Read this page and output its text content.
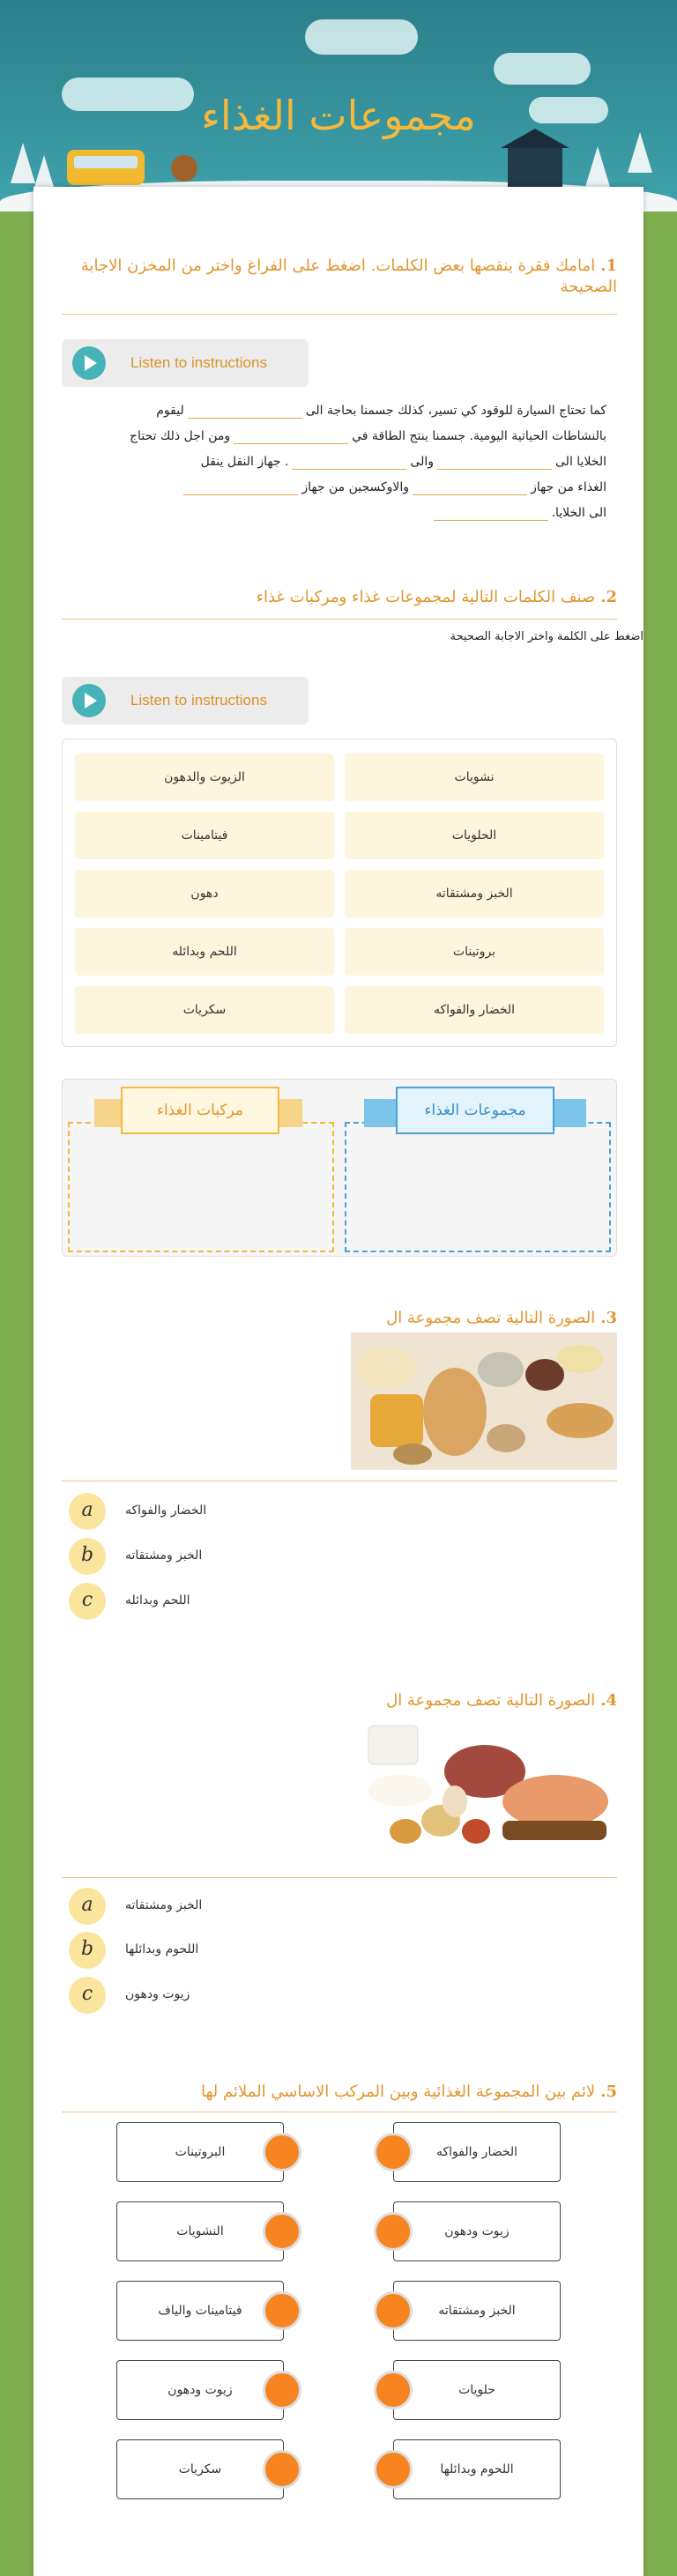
مجموعات الغذاء
1.امامك فقرة ينقصها بعض الكلمات. اضغط على الفراغ واختر من المخزن الاجابة الصحيحة
Listen to instructions
كما تحتاج السيارة للوقود كي تسير، كذلك جسمنا بحاجة الىليقوم
بالنشاطات الحياتية اليومية. جسمنا ينتج الطاقة فيومن اجل ذلك تحتاج
الخلايا الىوالى. جهاز النقل ينقل
الغذاء من جهازوالاوكسجين من جهاز
الى الخلايا.
2.صنف الكلمات التالية لمجموعات غذاء ومركبات غذاء
اضغط على الكلمة واختر الاجابة الصحيحة
Listen to instructions
نشويات
الزيوت والدهون
الحلويات
فيتامينات
الخبز ومشتقاته
دهون
بروتينات
اللحم وبدائله
الخضار والفواكه
سكريات
مركبات الغذاء	مجموعات الغذاء
3.الصورة التالية تصف مجموعة ال
a	الخضار والفواكه
b	الخبز ومشتقاته
c	اللحم وبدائله
4.الصورة التالية تصف مجموعة ال
a	الخبز ومشتقاته
b	اللحوم وبدائلها
c	زيوت ودهون
5.لائم بين المجموعة الغذائية وبين المركب الاساسي الملائم لها
الخضار والفواكه
البروتينات
زيوت ودهون
النشويات
الخبز ومشتقاته
فيتامينات والياف
حلويات
زيوت ودهون
اللحوم وبدائلها
سكريات
